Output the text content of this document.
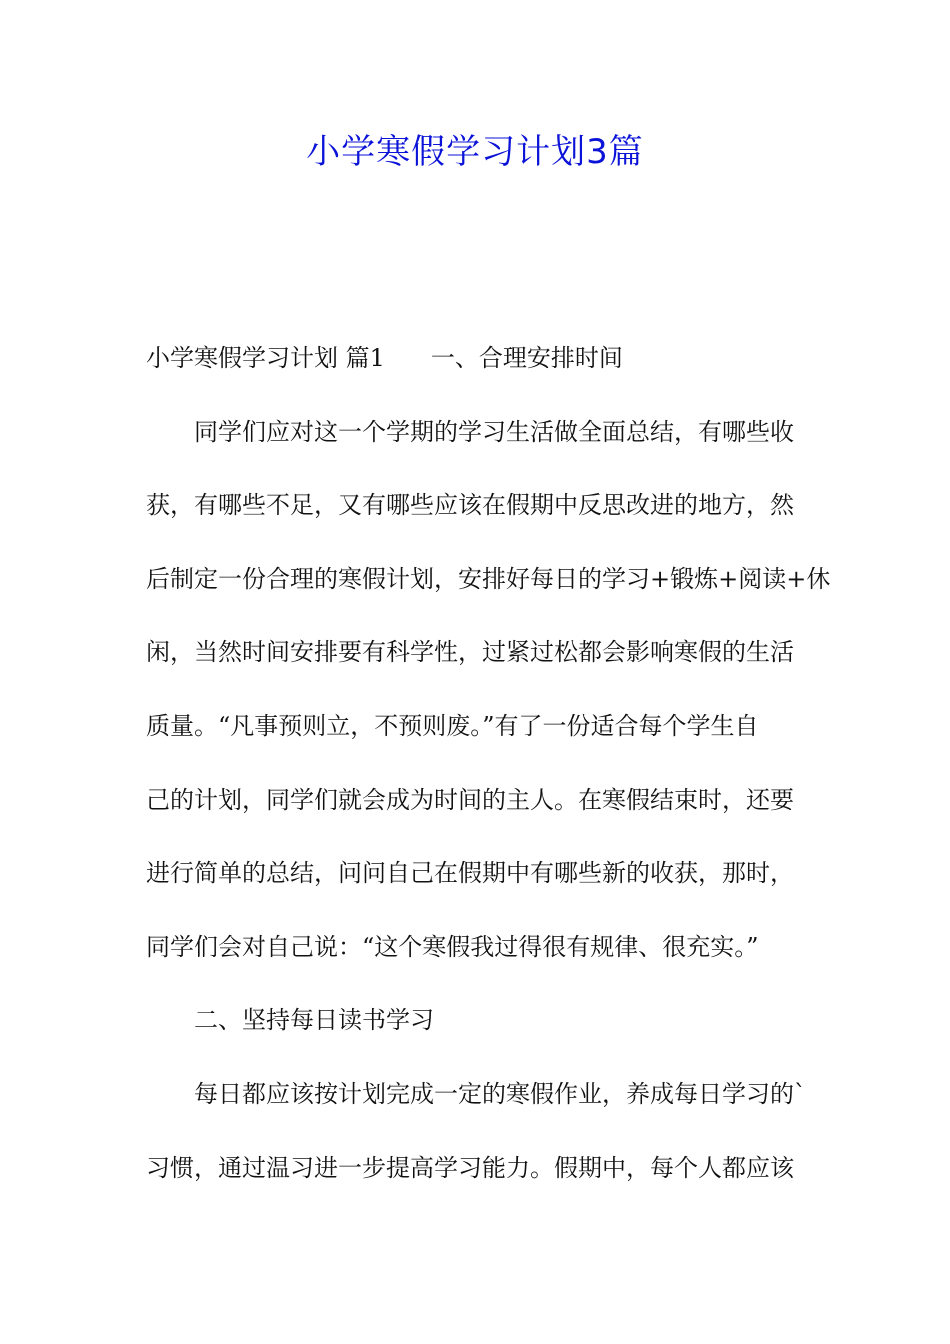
小学寒假学习计划3篇
小学寒假学习计划 篇1 一、合理安排时间
同学们应对这一个学期的学习生活做全面总结，有哪些收
获，有哪些不足，又有哪些应该在假期中反思改进的地方，然
后制定一份合理的寒假计划，安排好每日的学习+锻炼+阅读+休
闲，当然时间安排要有科学性，过紧过松都会影响寒假的生活
质量。“凡事预则立，不预则废。”有了一份适合每个学生自
己的计划，同学们就会成为时间的主人。在寒假结束时，还要
进行简单的总结，问问自己在假期中有哪些新的收获，那时，
同学们会对自己说：“这个寒假我过得很有规律、很充实。”
二、坚持每日读书学习
每日都应该按计划完成一定的寒假作业，养成每日学习的`
习惯，通过温习进一步提高学习能力。假期中，每个人都应该
